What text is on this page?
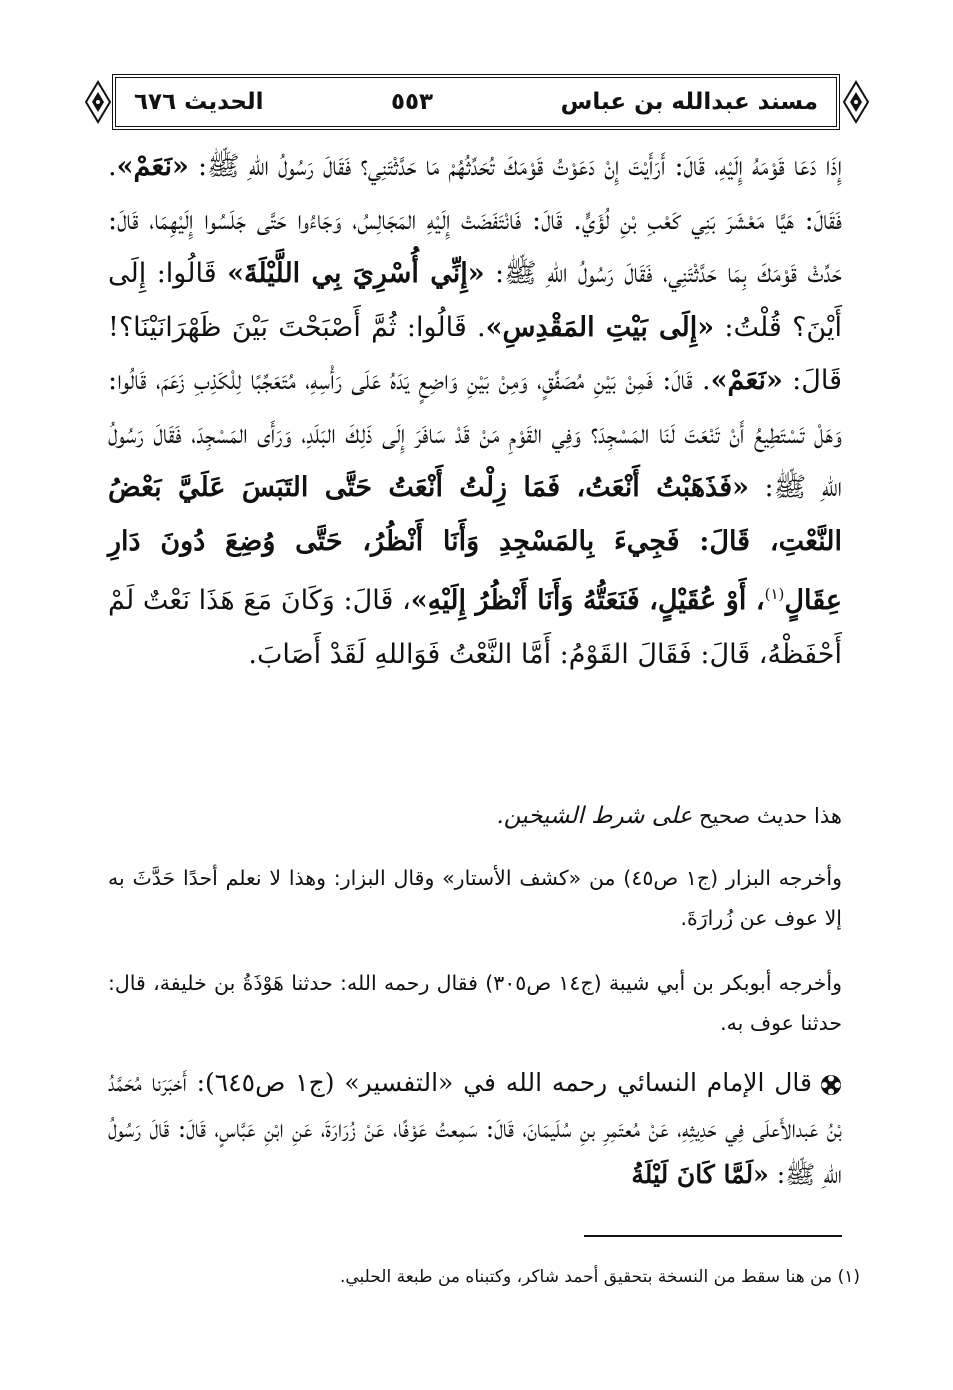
مسند عبدالله بن عباس
٥٥٣
الحديث ٦٧٦

إِذَا دَعَا قَوْمَهُ إِلَيْهِ، قَالَ: أَرَأَيْتَ إِنْ دَعَوْتُ قَوْمَكَ تُحَدِّثُهُمْ مَا حَدَّثْتَنِي؟ فَقَالَ رَسُولُ اللهِ ﷺ: «نَعَمْ». فَقَالَ: هَيَّا مَعْشَرَ بَنِي كَعْبِ بْنِ لُؤَيٍّ. قَالَ: فَانْتَفَضَتْ إِلَيْهِ المَجَالِسُ، وَجَاءُوا حَتَّى جَلَسُوا إِلَيْهِمَا، قَالَ: حَدِّثْ قَوْمَكَ بِمَا حَدَّثْتَنِي، فَقَالَ رَسُولُ اللهِ ﷺ: «إِنِّي أُسْرِيَ بِي اللَّيْلَةَ» قَالُوا: إِلَى أَيْنَ؟ قُلْتُ: «إِلَى بَيْتِ المَقْدِسِ». قَالُوا: ثُمَّ أَصْبَحْتَ بَيْنَ ظَهْرَانَيْنَا؟! قَالَ: «نَعَمْ». قَالَ: فَمِنْ بَيْنِ مُصَفِّقٍ، وَمِنْ بَيْنِ وَاضِعٍ يَدَهُ عَلَى رَأْسِهِ، مُتَعَجِّبًا لِلْكَذِبِ زَعَمَ، قَالُوا: وَهَلْ تَسْتَطِيعُ أَنْ تَنْعَتَ لَنَا المَسْجِدَ؟ وَفِي القَوْمِ مَنْ قَدْ سَافَرَ إِلَى ذَلِكَ البَلَدِ، وَرَأَى المَسْجِدَ، فَقَالَ رَسُولُ اللهِ ﷺ: «فَذَهَبْتُ أَنْعَتُ، فَمَا زِلْتُ أَنْعَتُ حَتَّى التَبَسَ عَلَيَّ بَعْضُ النَّعْتِ، قَالَ: فَجِيءَ بِالمَسْجِدِ وَأَنَا أَنْظُرُ، حَتَّى وُضِعَ دُونَ دَارِ عِقَالٍ$^{(١)}$، أَوْ عُقَيْلٍ، فَنَعَتُّهُ وَأَنَا أَنْظُرُ إِلَيْهِ»، قَالَ: وَكَانَ مَعَ هَذَا نَعْتٌ لَمْ أَحْفَظْهُ، قَالَ: فَقَالَ القَوْمُ: أَمَّا النَّعْتُ فَوَاللهِ لَقَدْ أَصَابَ.

هذا حديث صحيح على شرط الشيخين.
وأخرجه البزار (ج١ ص٤٥) من «كشف الأستار» وقال البزار: وهذا لا نعلم أحدًا حَدَّثَ به إلا عوف عن زُرارَةَ.
وأخرجه أبوبكر بن أبي شيبة (ج١٤ ص٣٠٥) فقال رحمه الله: حدثنا هَوْذَةُ بن خليفة، قال: حدثنا عوف به.
قال الإمام النسائي رحمه الله في «التفسير» (ج١ ص٦٤٥): أَخبَرَنا مُحَمَّدُ بْنُ عَبدالأَعلَى فِي حَدِيثِهِ، عَنْ مُعتَمِرِ بنِ سُلَيمَانَ، قَالَ: سَمِعتُ عَوْفًا، عَنْ زُرَارَةَ، عَنِ ابْنِ عَبَّاسٍ، قَالَ: قَالَ رَسُولُ اللهِ ﷺ: «لَمَّا كَانَ لَيْلَةُ
(١) من هنا سقط من النسخة بتحقيق أحمد شاكر، وكتبناه من طبعة الحلبي.
